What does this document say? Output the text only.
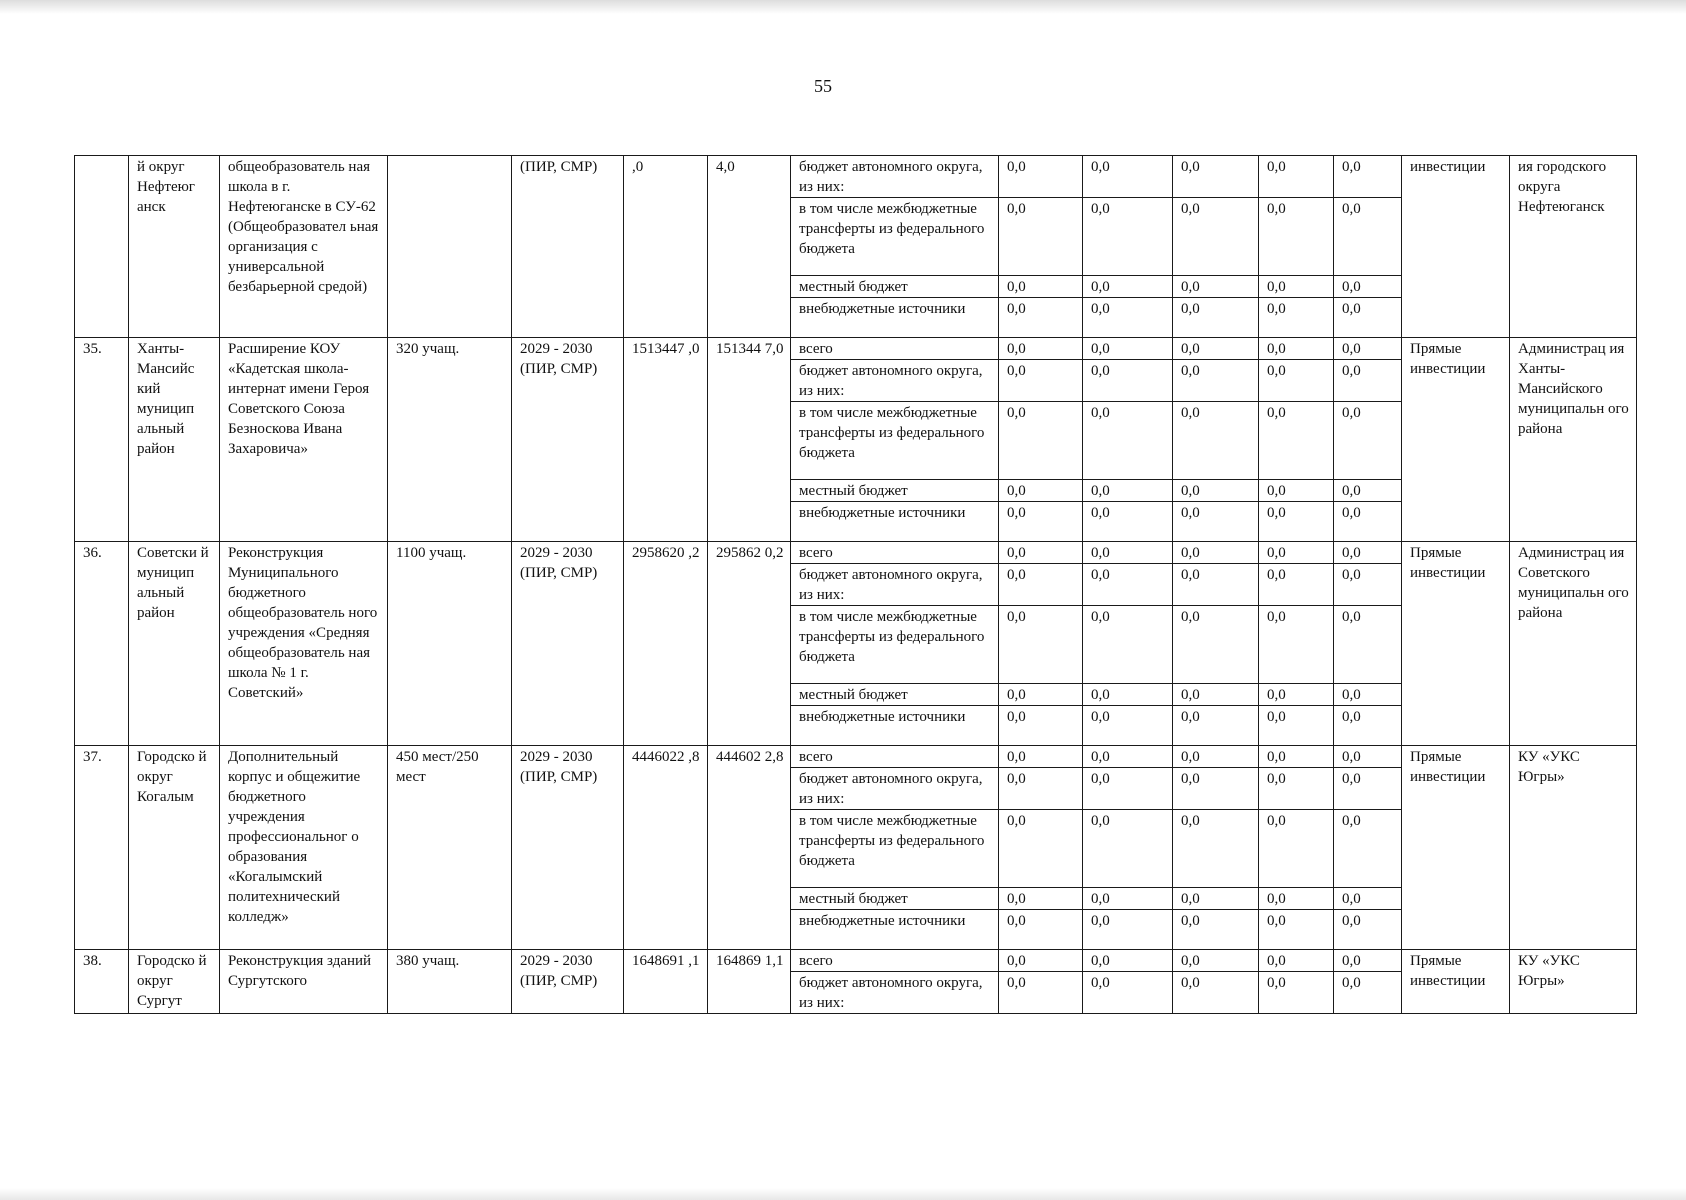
55
	й округ Нефтеюг анск	общеобразователь ная школа в г. Нефтеюганске в СУ-62 (Общеобразовател ьная организация с универсальной безбарьерной средой)		(ПИР, СМР)	,0	4,0	бюджет автономного округа, из них:	0,0	0,0	0,0	0,0	0,0	инвестиции	ия городского округа Нефтеюганск
							в том числе межбюджетные трансферты из федерального бюджета	0,0	0,0	0,0	0,0	0,0		
							местный бюджет	0,0	0,0	0,0	0,0	0,0		
							внебюджетные источники	0,0	0,0	0,0	0,0	0,0		
35.	Ханты-Мансийс кий муницип альный район	Расширение КОУ «Кадетская школа-интернат имени Героя Советского Союза Безноскова Ивана Захаровича»	320 учащ.	2029 - 2030 (ПИР, СМР)	1513447 ,0	151344 7,0	всего	0,0	0,0	0,0	0,0	0,0	Прямые инвестиции	Администрац ия Ханты-Мансийского муниципальн ого района
							бюджет автономного округа, из них:	0,0	0,0	0,0	0,0	0,0		
							в том числе межбюджетные трансферты из федерального бюджета	0,0	0,0	0,0	0,0	0,0		
							местный бюджет	0,0	0,0	0,0	0,0	0,0		
							внебюджетные источники	0,0	0,0	0,0	0,0	0,0		
36.	Советски й муницип альный район	Реконструкция Муниципального бюджетного общеобразователь ного учреждения «Средняя общеобразователь ная школа № 1 г. Советский»	1100 учащ.	2029 - 2030 (ПИР, СМР)	2958620 ,2	295862 0,2	всего	0,0	0,0	0,0	0,0	0,0	Прямые инвестиции	Администрац ия Советского муниципальн ого района
							бюджет автономного округа, из них:	0,0	0,0	0,0	0,0	0,0		
							в том числе межбюджетные трансферты из федерального бюджета	0,0	0,0	0,0	0,0	0,0		
							местный бюджет	0,0	0,0	0,0	0,0	0,0		
							внебюджетные источники	0,0	0,0	0,0	0,0	0,0		
37.	Городско й округ Когалым	Дополнительный корпус и общежитие бюджетного учреждения профессиональног о образования «Когалымский политехнический колледж»	450 мест/250 мест	2029 - 2030 (ПИР, СМР)	4446022 ,8	444602 2,8	всего	0,0	0,0	0,0	0,0	0,0	Прямые инвестиции	КУ «УКС Югры»
							бюджет автономного округа, из них:	0,0	0,0	0,0	0,0	0,0		
							в том числе межбюджетные трансферты из федерального бюджета	0,0	0,0	0,0	0,0	0,0		
							местный бюджет	0,0	0,0	0,0	0,0	0,0		
							внебюджетные источники	0,0	0,0	0,0	0,0	0,0		
38.	Городско й округ Сургут	Реконструкция зданий Сургутского	380 учащ.	2029 - 2030 (ПИР, СМР)	1648691 ,1	164869 1,1	всего	0,0	0,0	0,0	0,0	0,0	Прямые инвестиции	КУ «УКС Югры»
							бюджет автономного округа, из них:	0,0	0,0	0,0	0,0	0,0		
